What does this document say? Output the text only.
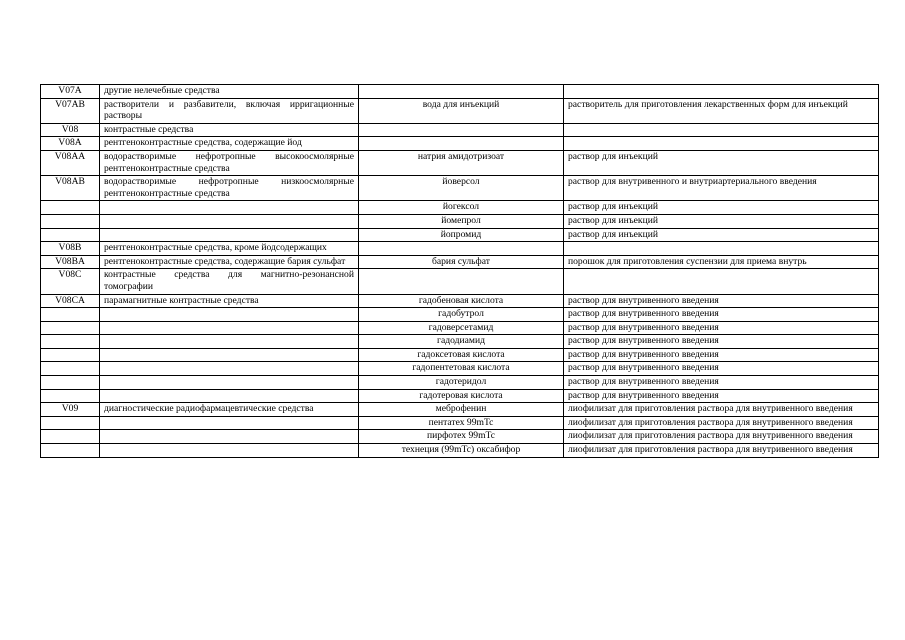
V07A	другие нелечебные средства		
V07AB	растворители и разбавители, включая ирригационные растворы	вода для инъекций	растворитель для приготовления лекарственных форм для инъекций
V08	контрастные средства		
V08A	рентгеноконтрастные средства, содержащие йод		
V08AA	водорастворимые нефротропные высокоосмолярные рентгеноконтрастные средства	натрия амидотризоат	раствор для инъекций
V08AB	водорастворимые нефротропные низкоосмолярные рентгеноконтрастные средства	йоверсол	раствор для внутривенного и внутриартериального введения
		йогексол	раствор для инъекций
		йомепрол	раствор для инъекций
		йопромид	раствор для инъекций
V08B	рентгеноконтрастные средства, кроме йодсодержащих		
V08BA	рентгеноконтрастные средства, содержащие бария сульфат	бария сульфат	порошок для приготовления суспензии для приема внутрь
V08C	контрастные средства для магнитно-резонансной томографии		
V08CA	парамагнитные контрастные средства	гадобеновая кислота	раствор для внутривенного введения
		гадобутрол	раствор для внутривенного введения
		гадоверсетамид	раствор для внутривенного введения
		гадодиамид	раствор для внутривенного введения
		гадоксетовая кислота	раствор для внутривенного введения
		гадопентетовая кислота	раствор для внутривенного введения
		гадотеридол	раствор для внутривенного введения
		гадотеровая кислота	раствор для внутривенного введения
V09	диагностические радиофармацевтические средства	меброфенин	лиофилизат для приготовления раствора для внутривенного введения
		пентатех 99mTc	лиофилизат для приготовления раствора для внутривенного введения
		пирфотех 99mTc	лиофилизат для приготовления раствора для внутривенного введения
		технеция (99mTc) оксабифор	лиофилизат для приготовления раствора для внутривенного введения
